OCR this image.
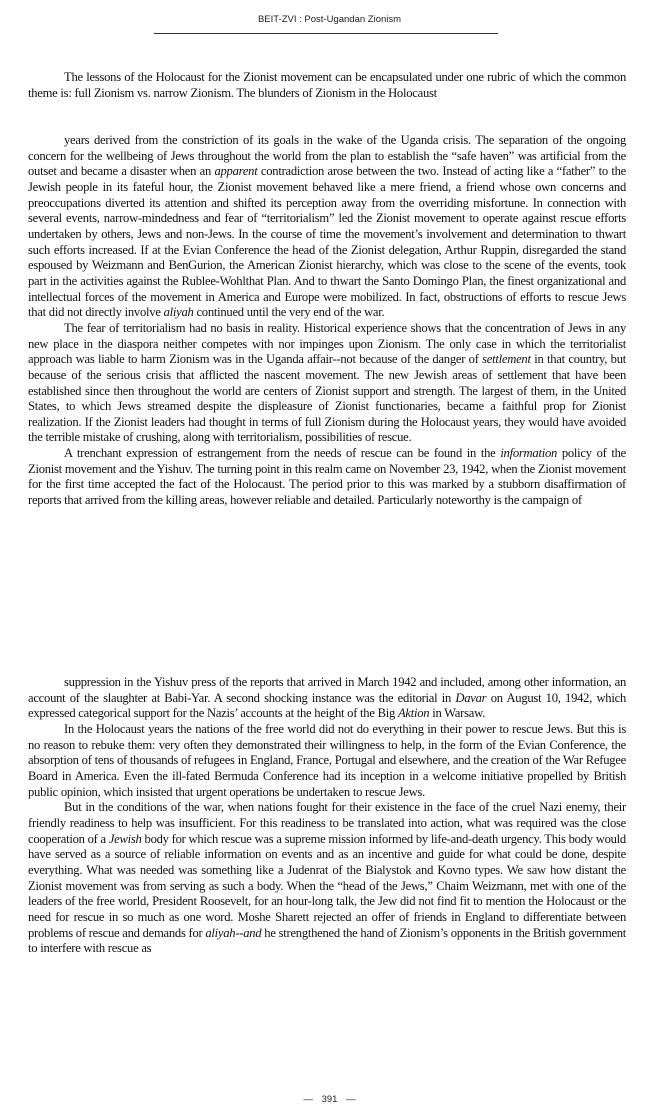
BEIT-ZVI : Post-Ugandan Zionism

The lessons of the Holocaust for the Zionist movement can be encapsulated under one rubric of which the common theme is: full Zionism vs. narrow Zionism. The blunders of Zionism in the Holocaust

years derived from the constriction of its goals in the wake of the Uganda crisis. The separation of the ongoing concern for the wellbeing of Jews throughout the world from the plan to establish the “safe haven” was artificial from the outset and became a disaster when an apparent contradiction arose between the two. Instead of acting like a “father” to the Jewish people in its fateful hour, the Zionist movement behaved like a mere friend, a friend whose own concerns and preoccupations diverted its attention and shifted its perception away from the overriding misfortune. In connection with several events, narrow-mindedness and fear of “territorialism” led the Zionist movement to operate against rescue efforts undertaken by others, Jews and non-Jews. In the course of time the movement’s involvement and determination to thwart such efforts increased. If at the Evian Conference the head of the Zionist delegation, Arthur Ruppin, disregarded the stand espoused by Weizmann and BenGurion, the American Zionist hierarchy, which was close to the scene of the events, took part in the activities against the Rublee-Wohlthat Plan. And to thwart the Santo Domingo Plan, the finest organizational and intellectual forces of the movement in America and Europe were mobilized. In fact, obstructions of efforts to rescue Jews that did not directly involve aliyah continued until the very end of the war.

The fear of territorialism had no basis in reality. Historical experience shows that the concentration of Jews in any new place in the diaspora neither competes with nor impinges upon Zionism. The only case in which the territorialist approach was liable to harm Zionism was in the Uganda affair--not because of the danger of settlement in that country, but because of the serious crisis that afflicted the nascent movement. The new Jewish areas of settlement that have been established since then throughout the world are centers of Zionist support and strength. The largest of them, in the United States, to which Jews streamed despite the displeasure of Zionist functionaries, became a faithful prop for Zionist realization. If the Zionist leaders had thought in terms of full Zionism during the Holocaust years, they would have avoided the terrible mistake of crushing, along with territorialism, possibilities of rescue.

A trenchant expression of estrangement from the needs of rescue can be found in the information policy of the Zionist movement and the Yishuv. The turning point in this realm came on November 23, 1942, when the Zionist movement for the first time accepted the fact of the Holocaust. The period prior to this was marked by a stubborn disaffirmation of reports that arrived from the killing areas, however reliable and detailed. Particularly noteworthy is the campaign of

suppression in the Yishuv press of the reports that arrived in March 1942 and included, among other information, an account of the slaughter at Babi-Yar. A second shocking instance was the editorial in Davar on August 10, 1942, which expressed categorical support for the Nazis’ accounts at the height of the Big Aktion in Warsaw.

In the Holocaust years the nations of the free world did not do everything in their power to rescue Jews. But this is no reason to rebuke them: very often they demonstrated their willingness to help, in the form of the Evian Conference, the absorption of tens of thousands of refugees in England, France, Portugal and elsewhere, and the creation of the War Refugee Board in America. Even the ill-fated Bermuda Conference had its inception in a welcome initiative propelled by British public opinion, which insisted that urgent operations be undertaken to rescue Jews.

But in the conditions of the war, when nations fought for their existence in the face of the cruel Nazi enemy, their friendly readiness to help was insufficient. For this readiness to be translated into action, what was required was the close cooperation of a Jewish body for which rescue was a supreme mission informed by life-and-death urgency. This body would have served as a source of reliable information on events and as an incentive and guide for what could be done, despite everything. What was needed was something like a Judenrat of the Bialystok and Kovno types. We saw how distant the Zionist movement was from serving as such a body. When the “head of the Jews,” Chaim Weizmann, met with one of the leaders of the free world, President Roosevelt, for an hour-long talk, the Jew did not find fit to mention the Holocaust or the need for rescue in so much as one word. Moshe Sharett rejected an offer of friends in England to differentiate between problems of rescue and demands for aliyah--and he strengthened the hand of Zionism’s opponents in the British government to interfere with rescue as

— 391 —
